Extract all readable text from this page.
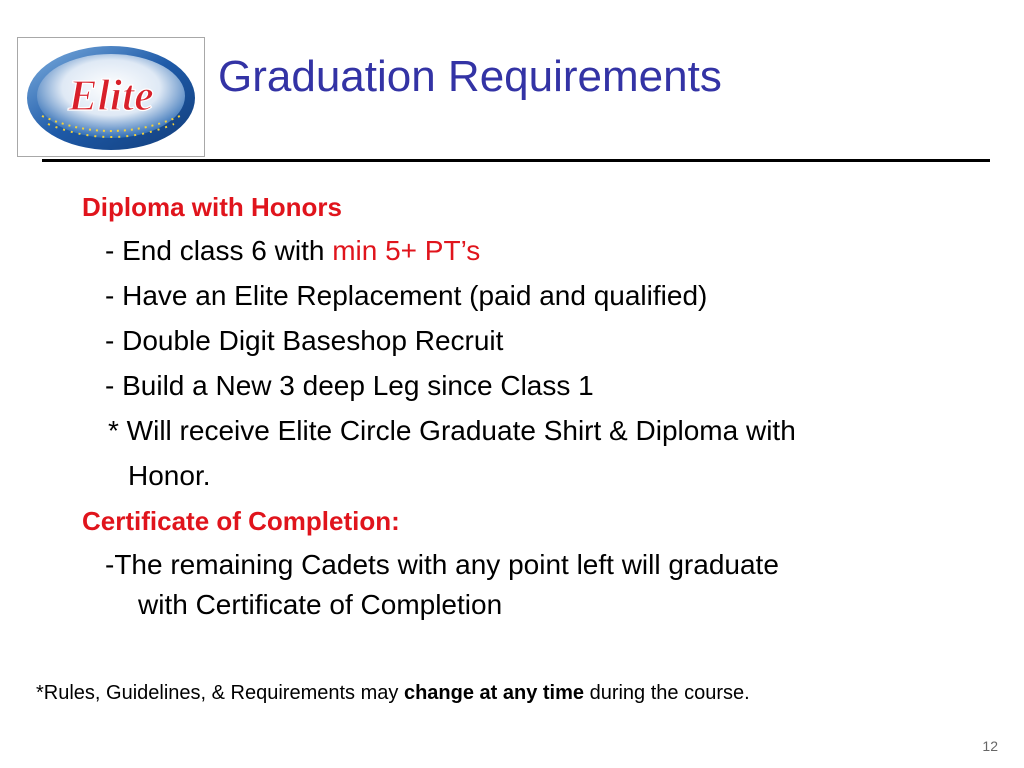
Elite Graduation Requirements
Diploma with Honors
- End class 6 with min 5+ PT’s
- Have an Elite Replacement (paid and qualified)
- Double Digit Baseshop Recruit
- Build a New 3 deep Leg since Class 1
* Will receive Elite Circle Graduate Shirt & Diploma with
Honor.
Certificate of Completion:
-The remaining Cadets with any point left will graduate
with Certificate of Completion
*Rules, Guidelines, & Requirements may change at any time during the course.
12
